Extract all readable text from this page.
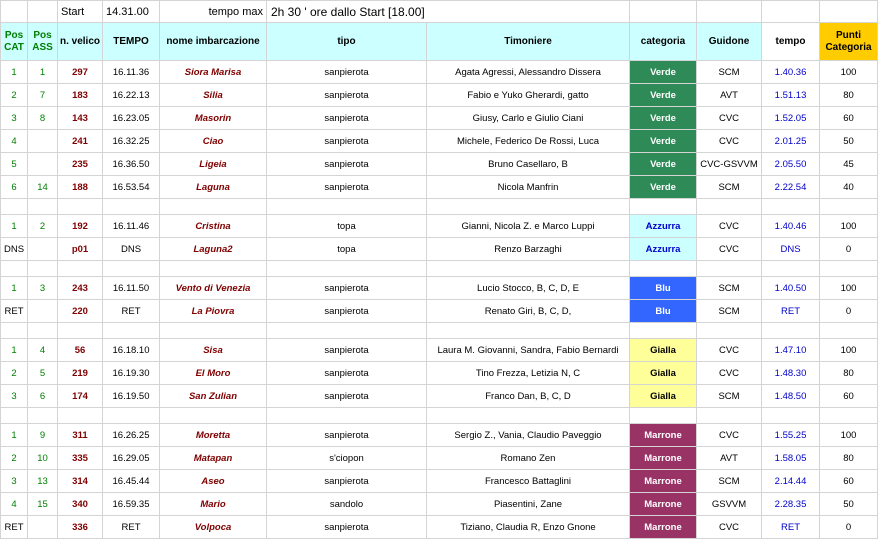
		Start	14.31.00	tempo max	2h 30 ' ore dallo Start [18.00]					
Pos CAT	Pos ASS	n. velico	TEMPO	nome imbarcazione	tipo	Timoniere	categoria	Guidone	tempo	Punti Categoria
1	1	297	16.11.36	Siora Marisa	sanpierota	Agata Agressi, Alessandro Dissera	Verde	SCM	1.40.36	100
2	7	183	16.22.13	Silia	sanpierota	Fabio e Yuko Gherardi, gatto	Verde	AVT	1.51.13	80
3	8	143	16.23.05	Masorin	sanpierota	Giusy, Carlo e Giulio Ciani	Verde	CVC	1.52.05	60
4		241	16.32.25	Ciao	sanpierota	Michele, Federico De Rossi, Luca	Verde	CVC	2.01.25	50
5		235	16.36.50	Ligeia	sanpierota	Bruno Casellaro, B	Verde	CVC-GSVVM	2.05.50	45
6	14	188	16.53.54	Laguna	sanpierota	Nicola Manfrin	Verde	SCM	2.22.54	40

1	2	192	16.11.46	Cristina	topa	Gianni, Nicola Z. e Marco Luppi	Azzurra	CVC	1.40.46	100
DNS		p01	DNS	Laguna2	topa	Renzo Barzaghi	Azzurra	CVC	DNS	0

1	3	243	16.11.50	Vento di Venezia	sanpierota	Lucio Stocco, B, C, D, E	Blu	SCM	1.40.50	100
RET		220	RET	La Piovra	sanpierota	Renato Giri, B, C, D,	Blu	SCM	RET	0

1	4	56	16.18.10	Sisa	sanpierota	Laura M. Giovanni, Sandra, Fabio Bernardi	Gialla	CVC	1.47.10	100
2	5	219	16.19.30	El Moro	sanpierota	Tino Frezza, Letizia N, C	Gialla	CVC	1.48.30	80
3	6	174	16.19.50	San Zulian	sanpierota	Franco Dan, B, C, D	Gialla	SCM	1.48.50	60

1	9	311	16.26.25	Moretta	sanpierota	Sergio Z., Vania, Claudio Paveggio	Marrone	CVC	1.55.25	100
2	10	335	16.29.05	Matapan	s'ciopon	Romano Zen	Marrone	AVT	1.58.05	80
3	13	314	16.45.44	Aseo	sanpierota	Francesco Battaglini	Marrone	SCM	2.14.44	60
4	15	340	16.59.35	Mario	sandolo	Piasentini, Zane	Marrone	GSVVM	2.28.35	50
RET		336	RET	Volpoca	sanpierota	Tiziano, Claudia R, Enzo Gnone	Marrone	CVC	RET	0
